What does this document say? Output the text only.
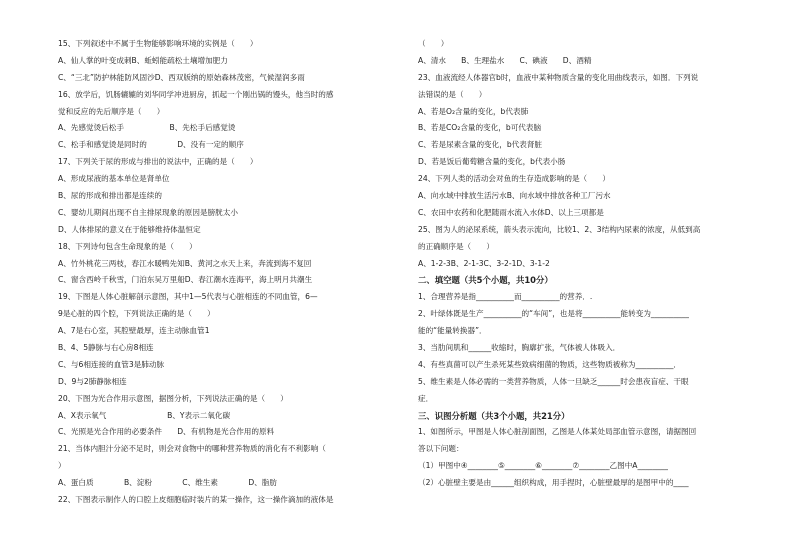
15、下列叙述中不属于生物能够影响环境的实例是（　　）
A、仙人掌的叶变成刺B、蚯蚓能疏松土壤增加肥力
C、“三北”防护林能防风固沙D、西双版纳的原始森林茂密，气候湿润多雨
16、放学后，饥肠辘辘的刘华同学冲进厨房，抓起一个刚出锅的馒头，他当时的感
觉和反应的先后顺序是（　　）
A、先感觉烫后松手　　　　　　B、先松手后感觉烫
C、松手和感觉烫是同时的　　　　D、没有一定的顺序
17、下列关于尿的形成与排出的说法中，正确的是（　　）
A、形成尿液的基本单位是肾单位
B、尿的形成和排出都是连续的
C、婴幼儿期间出现不自主排尿现象的原因是膀胱太小
D、人体排尿的意义在于能够维持体温恒定
18、下列诗句包含生命现象的是（　　）
A、竹外桃花三两枝，春江水暖鸭先知B、黄河之水天上来，奔流到海不复回
C、窗含西岭千秋雪，门泊东吴万里船D、春江潮水连海平，海上明月共潮生
19、下图是人体心脏解剖示意图，其中1—5代表与心脏相连的不同血管，6—
9是心脏的四个腔，下列说法正确的是（　　）
A、7是右心室，其腔壁最厚，连主动脉血管1
B、4、5静脉与右心房8相连
C、与6相连接的血管3是肺动脉
D、9与2肺静脉相连
20、下图为光合作用示意图，据图分析，下列说法正确的是（　　）
A、X表示氧气　　　　　　　　B、Y表示二氧化碳
C、光照是光合作用的必要条件　　D、有机物是光合作用的原料
21、当体内胆汁分泌不足时，则会对食物中的哪种营养物质的消化有不利影响（
）
A、蛋白质　　　　B、淀粉　　　　C、维生素　　　　D、脂肪
22、下图表示制作人的口腔上皮细胞临时装片的某一操作，这一操作滴加的液体是
（　　）
A、清水　　B、生理盐水　　C、碘液　　D、酒精
23、血液流经人体器官b时，血液中某种物质含量的变化用曲线表示，如图．下列说
法错误的是（　　）
A、若是O₂含量的变化，b代表肺
B、若是CO₂含量的变化，b可代表脑
C、若是尿素含量的变化，b代表肾脏
D、若是饭后葡萄糖含量的变化，b代表小肠
24、下列人类的活动会对鱼的生存造成影响的是（　　）
A、向水域中排放生活污水B、向水域中排放各种工厂污水
C、农田中农药和化肥随雨水流入水体D、以上三项都是
25、图为人的泌尿系统，箭头表示流向，比较1、2、3结构内尿素的浓度，从低到高
的正确顺序是（　　）
A、1-2-3B、2-1-3C、3-2-1D、3-1-2
二、填空题（共5个小题，共10分）
1、合理营养是指__________而__________的营养．.
2、叶绿体既是生产__________的“车间”，也是将__________能转变为__________
能的“能量转换器”．
3、当肋间肌和______收缩时，胸廓扩张，气体被人体吸入．
4、有些真菌可以产生杀死某些致病细菌的物质，这些物质被称为__________．
5、维生素是人体必需的一类营养物质，人体一旦缺乏______时会患夜盲症、干眼
症．
三、识图分析题（共3个小题，共21分）
1、如图所示，甲图是人体心脏剖面图，乙图是人体某处局部血管示意图，请据图回
答以下问题：
（1）甲图中④________⑤________⑥________⑦________乙图中A________
（2）心脏壁主要是由______组织构成，用手捏时，心脏壁最厚的是图甲中的____
